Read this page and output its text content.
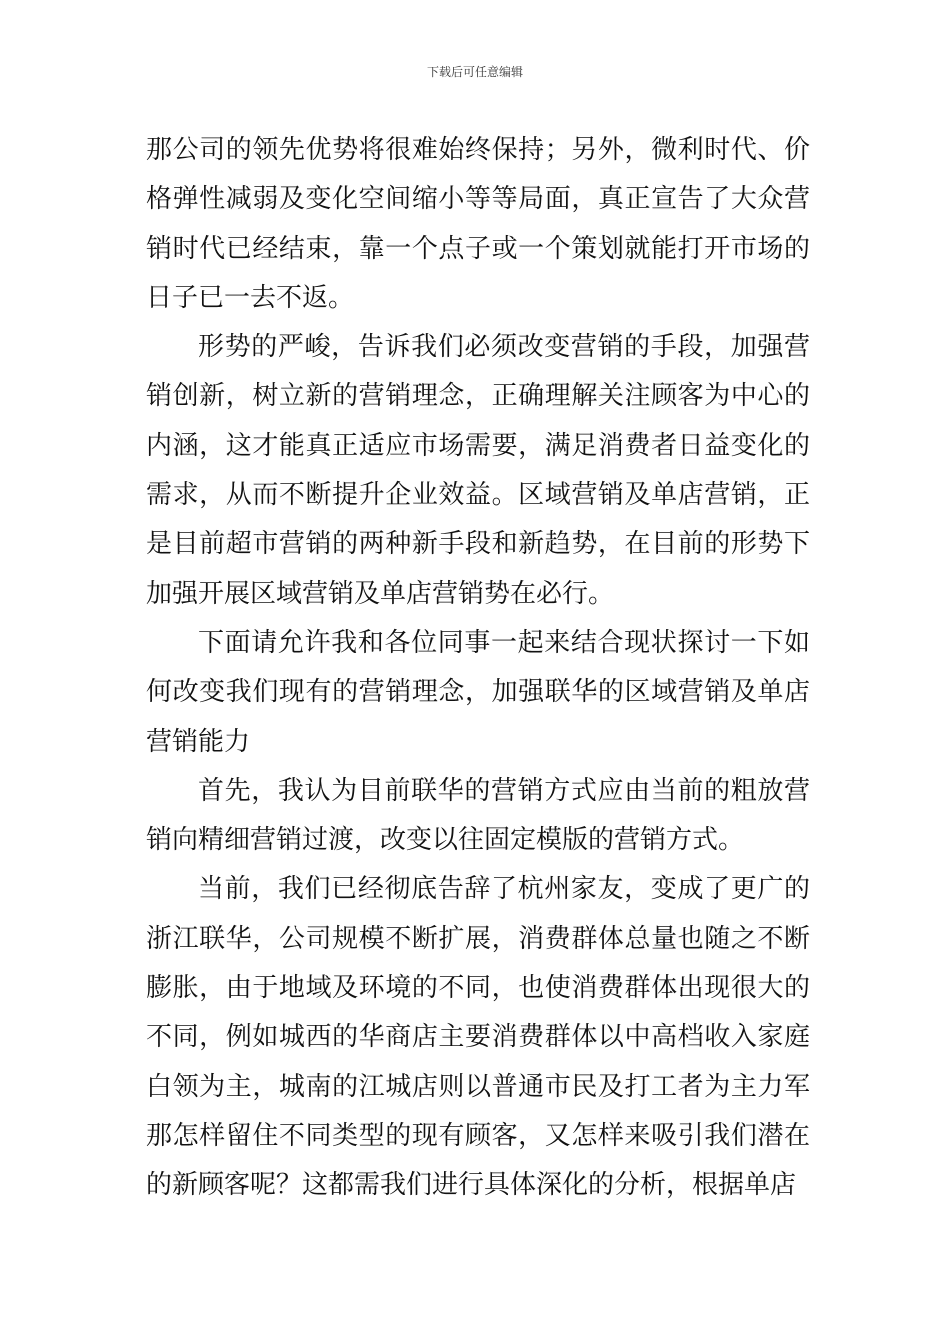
下载后可任意编辑

那公司的领先优势将很难始终保持；另外，微利时代、价格弹性减弱及变化空间缩小等等局面，真正宣告了大众营销时代已经结束，靠一个点子或一个策划就能打开市场的日子已一去不返。

形势的严峻，告诉我们必须改变营销的手段，加强营销创新，树立新的营销理念，正确理解关注顾客为中心的内涵，这才能真正适应市场需要，满足消费者日益变化的需求，从而不断提升企业效益。区域营销及单店营销，正是目前超市营销的两种新手段和新趋势，在目前的形势下加强开展区域营销及单店营销势在必行。

下面请允许我和各位同事一起来结合现状探讨一下如何改变我们现有的营销理念，加强联华的区域营销及单店营销能力

首先，我认为目前联华的营销方式应由当前的粗放营销向精细营销过渡，改变以往固定模版的营销方式。

当前，我们已经彻底告辞了杭州家友，变成了更广的浙江联华，公司规模不断扩展，消费群体总量也随之不断膨胀，由于地域及环境的不同，也使消费群体出现很大的不同，例如城西的华商店主要消费群体以中高档收入家庭白领为主，城南的江城店则以普通市民及打工者为主力军那怎样留住不同类型的现有顾客，又怎样来吸引我们潜在的新顾客呢？这都需我们进行具体深化的分析，根据单店
